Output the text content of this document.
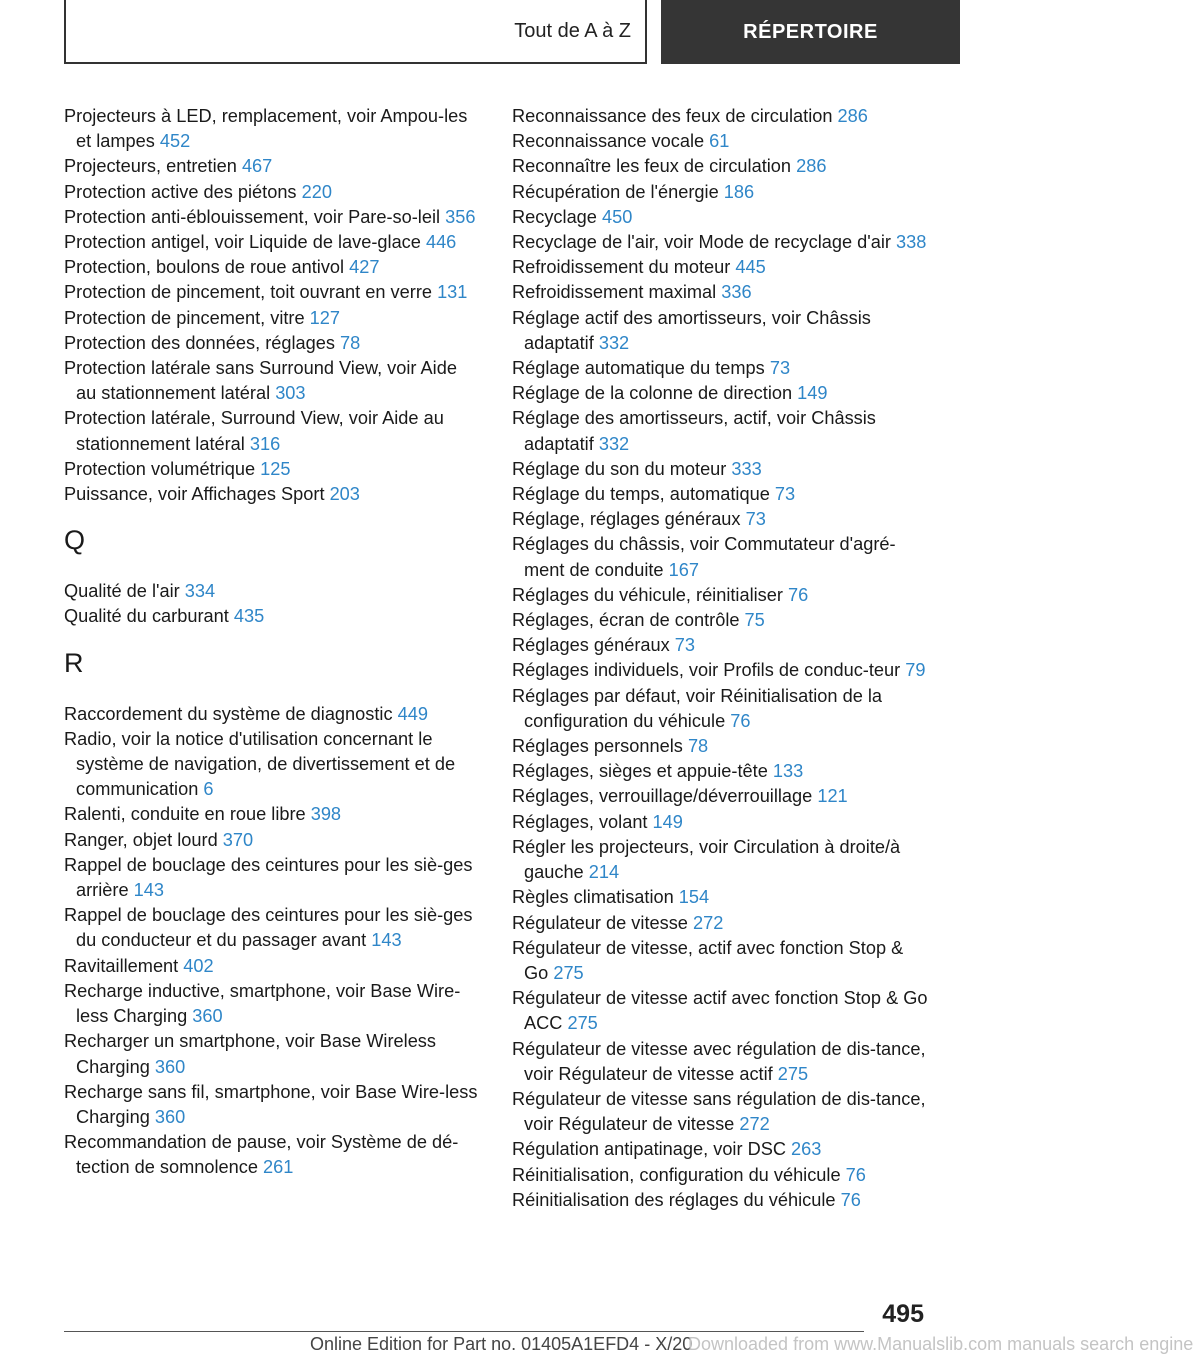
Tout de A à Z	RÉPERTOIRE
Projecteurs à LED, remplacement, voir Ampou-les et lampes 452
Projecteurs, entretien 467
Protection active des piétons 220
Protection anti-éblouissement, voir Pare-so-leil 356
Protection antigel, voir Liquide de lave-glace 446
Protection, boulons de roue antivol 427
Protection de pincement, toit ouvrant en verre 131
Protection de pincement, vitre 127
Protection des données, réglages 78
Protection latérale sans Surround View, voir Aide au stationnement latéral 303
Protection latérale, Surround View, voir Aide au stationnement latéral 316
Protection volumétrique 125
Puissance, voir Affichages Sport 203
Q
Qualité de l'air 334
Qualité du carburant 435
R
Raccordement du système de diagnostic 449
Radio, voir la notice d'utilisation concernant le système de navigation, de divertissement et de communication 6
Ralenti, conduite en roue libre 398
Ranger, objet lourd 370
Rappel de bouclage des ceintures pour les siè-ges arrière 143
Rappel de bouclage des ceintures pour les siè-ges du conducteur et du passager avant 143
Ravitaillement 402
Recharge inductive, smartphone, voir Base Wire-less Charging 360
Recharger un smartphone, voir Base Wireless Charging 360
Recharge sans fil, smartphone, voir Base Wire-less Charging 360
Recommandation de pause, voir Système de dé-tection de somnolence 261
Reconnaissance des feux de circulation 286
Reconnaissance vocale 61
Reconnaître les feux de circulation 286
Récupération de l'énergie 186
Recyclage 450
Recyclage de l'air, voir Mode de recyclage d'air 338
Refroidissement du moteur 445
Refroidissement maximal 336
Réglage actif des amortisseurs, voir Châssis adaptatif 332
Réglage automatique du temps 73
Réglage de la colonne de direction 149
Réglage des amortisseurs, actif, voir Châssis adaptatif 332
Réglage du son du moteur 333
Réglage du temps, automatique 73
Réglage, réglages généraux 73
Réglages du châssis, voir Commutateur d'agré-ment de conduite 167
Réglages du véhicule, réinitialiser 76
Réglages, écran de contrôle 75
Réglages généraux 73
Réglages individuels, voir Profils de conduc-teur 79
Réglages par défaut, voir Réinitialisation de la configuration du véhicule 76
Réglages personnels 78
Réglages, sièges et appuie-tête 133
Réglages, verrouillage/déverrouillage 121
Réglages, volant 149
Régler les projecteurs, voir Circulation à droite/à gauche 214
Règles climatisation 154
Régulateur de vitesse 272
Régulateur de vitesse, actif avec fonction Stop & Go 275
Régulateur de vitesse actif avec fonction Stop & Go ACC 275
Régulateur de vitesse avec régulation de dis-tance, voir Régulateur de vitesse actif 275
Régulateur de vitesse sans régulation de dis-tance, voir Régulateur de vitesse 272
Régulation antipatinage, voir DSC 263
Réinitialisation, configuration du véhicule 76
Réinitialisation des réglages du véhicule 76
495
Online Edition for Part no. 01405A1EFD4 - X/20
Downloaded from www.Manualslib.com manuals search engine
